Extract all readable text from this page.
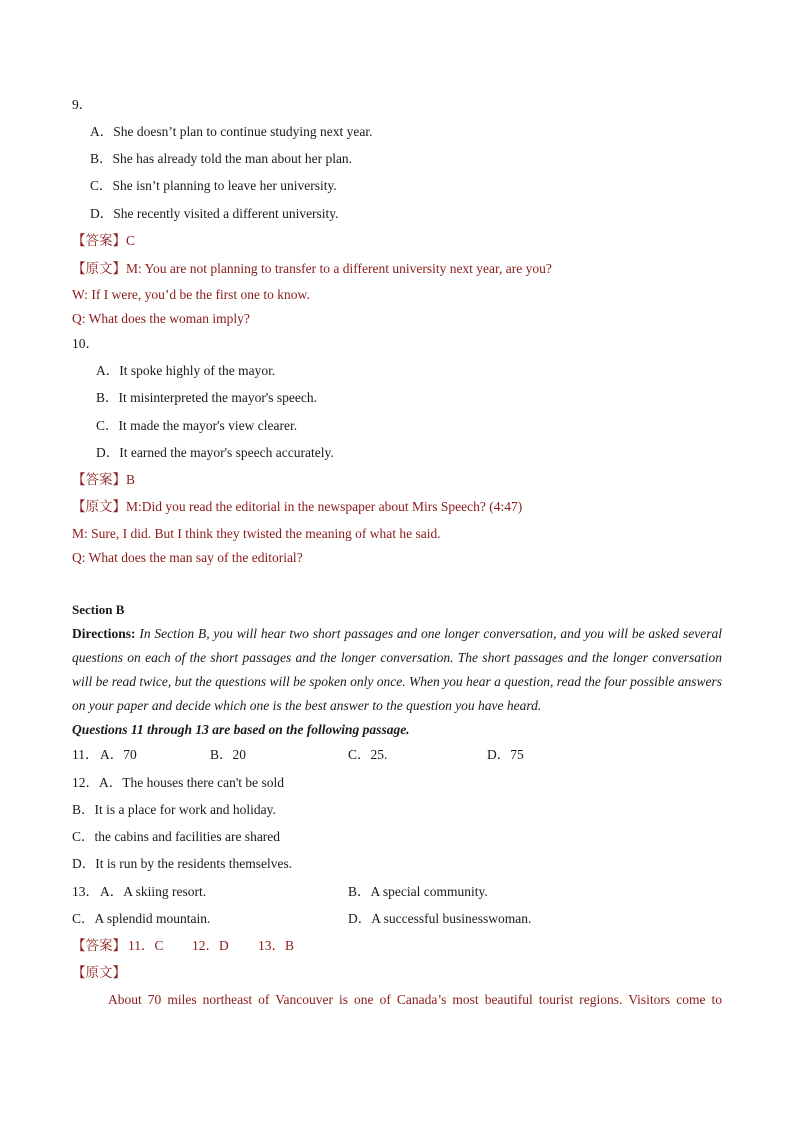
9．
A．She doesn’t plan to continue studying next year.
B．She has already told the man about her plan.
C．She isn’t planning to leave her university.
D．She recently visited a different university.
【答案】C
【原文】M: You are not planning to transfer to a different university next year, are you?
W: If I were, you’d be the first one to know.
Q: What does the woman imply?
10．
A．It spoke highly of the mayor.
B．It misinterpreted the mayor's speech.
C．It made the mayor's view clearer.
D．It earned the mayor's speech accurately.
【答案】B
【原文】M:Did you read the editorial in the newspaper about Mirs Speech? (4:47)
M: Sure, I did. But I think they twisted the meaning of what he said.
Q: What does the man say of the editorial?
Section B
Directions: In Section B, you will hear two short passages and one longer conversation, and you will be asked several questions on each of the short passages and the longer conversation. The short passages and the longer conversation will be read twice, but the questions will be spoken only once. When you hear a question, read the four possible answers on your paper and decide which one is the best answer to the question you have heard.
Questions 11 through 13 are based on the following passage.
11． A．70	B．20	C．25.	D．75
12．A．The houses there can't be sold
B．It is a place for work and holiday.
C．the cabins and facilities are shared
D．It is run by the residents themselves.
13． A．A skiing resort.	B．A special community.
C．A splendid mountain.	D．A successful businesswoman.
【答案】 11．C 12．D 13．B
【原文】
About 70 miles northeast of Vancouver is one of Canada’s most beautiful tourist regions. Visitors come to
